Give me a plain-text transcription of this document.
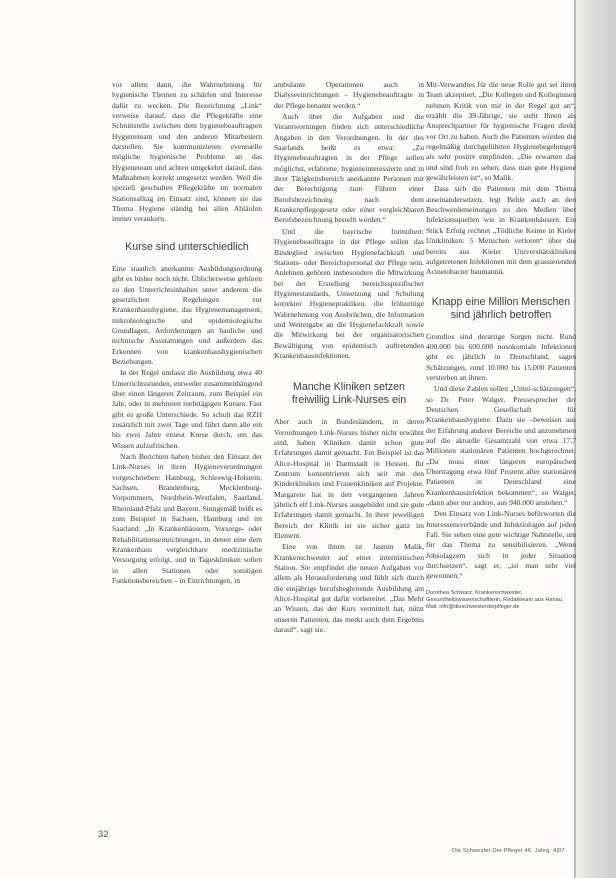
vor allem dann, die Wahrnehmung für hygienische Themen zu schärfen und Interesse dafür zu wecken. Die Bezeichnung „Link“ verweise darauf, dass die Pflegekräfte eine Schnittstelle zwischen dem hygienebeauftragten Hygieneteam und den anderen Mitarbeitern darstellen. Sie kommunizieren eventuelle mögliche hygienische Probleme an das Hygieneteam und achten umgekehrt darauf, dass Maßnahmen korrekt umgesetzt werden. Weil die speziell geschulten Pflegekräfte im normalen Stationsalltag im Einsatz sind, können sie das Thema Hygiene ständig bei allen Abläufen immer verankern.

Kurse sind unterschiedlich

Eine staatlich anerkannte Ausbildungsordnung gibt es bisher noch nicht. Üblicherweise gehören zu den Unterrichtsinhalten unter anderem die gesetzlichen Regelungen zur Krankenhaushygiene, das Hygienemanagement, mikrobiologische und epidemiologische Grundlagen, Anforderungen an bauliche und technische Ausstattungen und außerdem das Erkennen von krankenhaushygienischen Beziehungen.

In der Regel umfasst die Ausbildung etwa 40 Unterrichtsstunden, entweder zusammenhängend über einen längeren Zeitraum, zum Beispiel ein Jahr, oder in mehreren mehrtägigen Kursen. Fast gibt es große Unterschiede. So schult das RZH zusätzlich mit zwei Tage und führt dann alle ein bis zwei Jahre erneut Kurse durch, um das Wissen aufzufrischen.

Nach Berichten haben bisher den Einsatz der Link-Nurses in ihren Hygieneverordnungen vorgeschrieben: Hamburg, Schleswig-Holstein, Sachsen, Brandenburg, Mecklenburg-Vorpommern, Nordrhein-Westfalen, Saarland, Rheinland-Pfalz und Bayern. Sinngemäß heißt es zum Beispiel in Sachsen, Hamburg und im Saarland: „In Krankenhäusern, Vorsorge- oder Rehabilitationseinrichtungen, in denen eine dem Krankenhaus vergleichbare medizinische Versorgung erfolgt, und in Tageskliniken sollen in allen Stationen oder sonstigen Funktionsbereichen – in Einrichtungen, in

ambulante Operationen auch in Dialyseeinrichtungen – Hygienebeauftragte in der Pflege benannt werden.“

Auch über die Aufgaben und die Verantwortungen finden sich unterschiedliche Angaben in den Verordnungen. In der des Saarlands heißt es etwa: „Zu Hygienebeauftragten in der Pflege sollen möglichst, erfahrene, hygieneinteressierte und in ihrer Tätigkeitsbereich anerkannte Personen mit der Berechtigung zum Führen einer Berufsbezeichnung nach dem Krankenpflegegesetz oder einer vergleichbaren Berufsbezeichnung bestellt werden.“

Und die bayrische formuliert: Hygienebeauftragte in der Pflege sollen das Bindeglied zwischen Hygienefachkraft und Stations- oder Bereichspersonal der Pflege sein. Anlehnen gehören insbesondere die Mitwirkung bei der Erstellung bereichsspezifischer Hygienestandards, Umsetzung und Schulung korrekter Hygienepraktiken, die frühzeitige Wahrnehmung von Ausbrüchen, die Information und Weitergabe an die Hygienefachkraft sowie die Mitwirkung bei der organisatorischen Bewältigung von epidemisch auftretenden Krankenhausinfektionen.

Manche Kliniken setzen freiwillig Link-Nurses ein

Aber auch in Bundesländern, in deren Verordnungen Link-Nurses bisher nicht erwähnt sind, haben Kliniken damit schon gute Erfahrungen damit gemacht. Ein Beispiel ist das Alice-Hospital in Darmstadt in Hessen. Ihr Zentrum konzentrieren sich seit mit den Kinderkliniken und Frauenkliniken auf Projekte. Margarete hat in den vergangenen Jahren jährlich elf Link-Nurses ausgebildet und sie gute Erfahrungen damit gemacht. In ihrer jeweiligen Bereich der Klinik ist sie sicher ganz im Element.

Eine von ihnen ist Jasmin Malik, Krankenschwester auf einer internistischen Station. Sie empfindet die neuen Aufgaben vor allem als Herausforderung und fühlt sich durch die einjährige berufsbegleitende Ausbildung am Alice-Hospital gut dafür vorbereitet. „Das Mehr an Wissen, das der Kurs vermittelt hat, nützt unseren Patienten, das merkt auch dem Ergebnis darauf“, sagt sie.

Mit-Verwandtes für die neue Rolle gut sei ihren Team akzeptiert. „Die Kollegen und Kolleginnen nehmen Kritik von mir in der Regel gut an“, erzählt die 39-Jährige, sie steht Ihnen als Ansprechpartner für hygienische Fragen direkt vor Ort zu haben. Auch die Patienten würden die regelmäßig durchgeführten Hygienebegehungen als sehr positiv empfinden. „Die erwarten das und sind froh zu sehen, dass man gute Hygiene gewährleisten ist“, so Malik.

Dass sich die Patienten mit dem Thema auseinandersetzen, legt Behle auch an den Beschwerdemeinungen zu den Medien über Infektionsquellen wie in Krankenhäusern. Ein Stück Erfolg rechnet „Tödliche Keime in Kieler Unikliniken: 5 Menschen verloren“ über die bereits aus Kieler Universitätskliniken aufgetretenen Infektionen mit dem grassierenden Acinetobacter baumannii.

Knapp eine Million Menschen sind jährlich betroffen

Grundlos sind derartige Sorgen nicht. Rund 400.000 bis 600.000 nosokomiale Infektionen gibt es jährlich in Deutschland, sagen Schätzungen, rund 10.000 bis 15.000 Patienten versterben an ihnen.

Und diese Zahlen sollen „Unter-schätzungen“, so Dr. Peter Walger, Pressesprecher der Deutschen Gesellschaft für Krankenhaushygiene. Dazu sie –beweisen aus der Erfahrung anderer Bereiche und anzunehmen auf die aktuelle Gesamtzahl von etwa 17,7 Millionen stationären Patienten hochgerechnet: „Da muss einer längeren europäischen Übertragung etwa fünf Prozent aller stationären Patienten in Deutschland eine Krankenhausinfektion bekommen“, so Walger, „dann aber nur andere, aus 940.000 anstehen.“

Den Einsatz von Link-Nurses befürworten die Interessensverbände und Infektiologen auf jeden Fall. Sie sehen eine gute wichtige Nahtstelle, um für das Thema zu sensibilisieren. „Wenn Jobsolagzem sich in jeder Situation durchsetzen“, sagt er, „ist man sehr viel gewonnen.“

Dorothea Schwarz, Krankenschwester, Gesundheitswissenschaftlerin, Redakteurin aus Hanau, Mail: info@dieschwesterderpfleger.de
32
Die Schwester Der Pfleger 46. Jahrg. 4|07
